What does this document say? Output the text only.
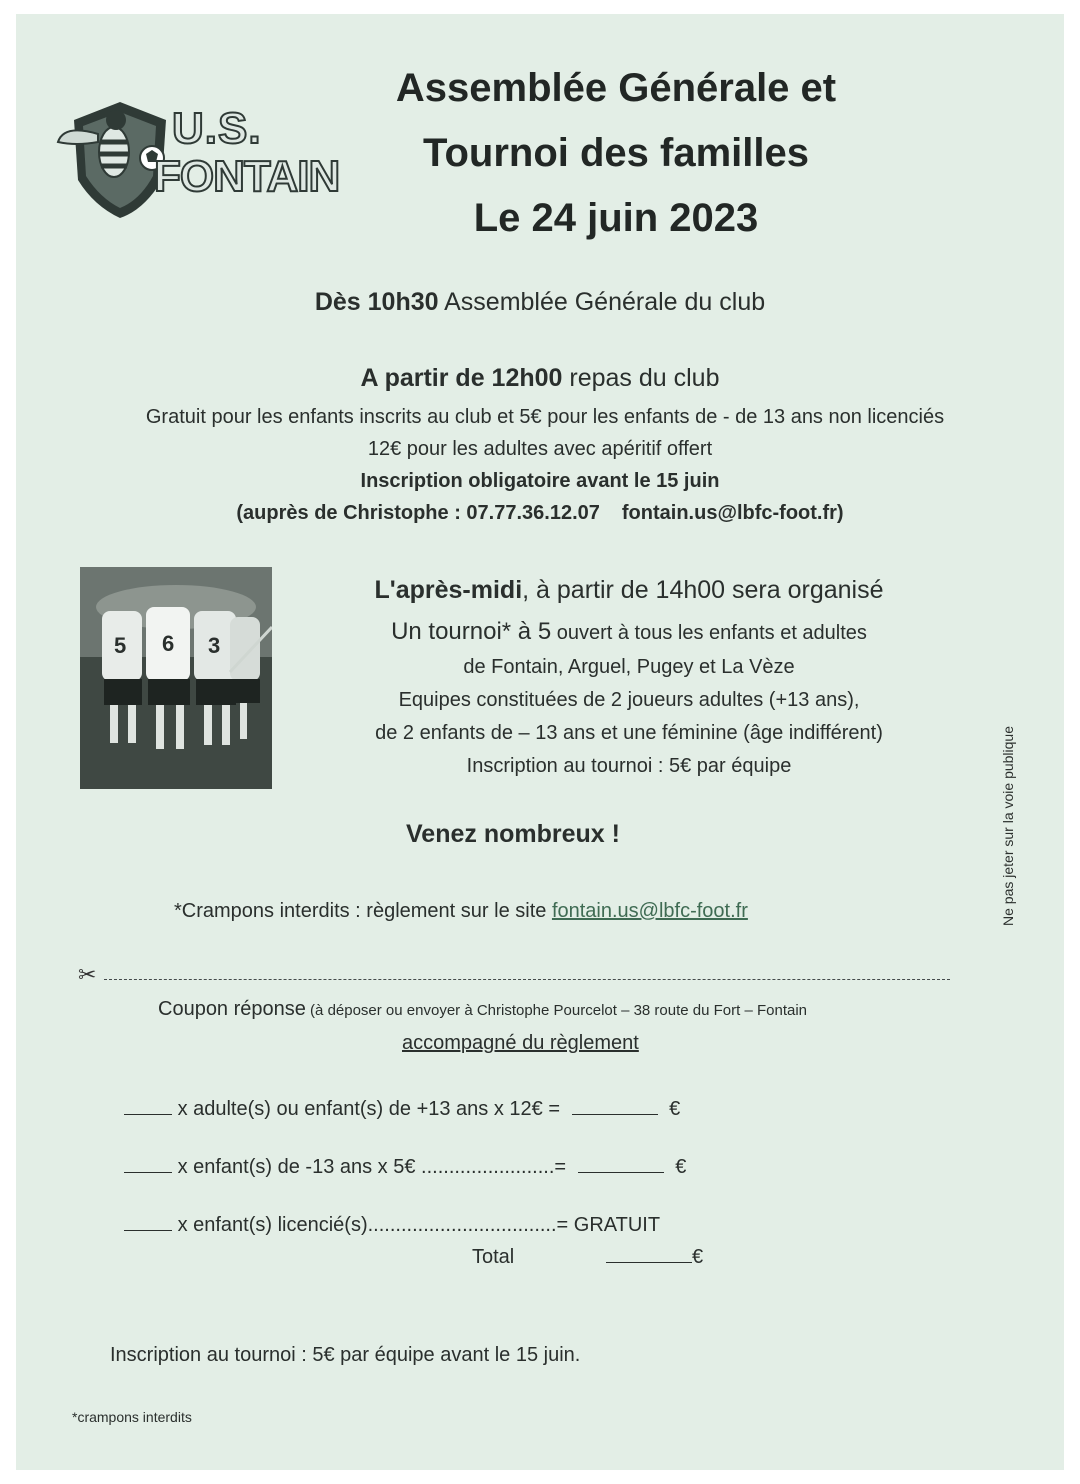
U.S.
FONTAIN
Assemblée Générale et
Tournoi des familles
Le 24 juin 2023
Dès 10h30 Assemblée Générale du club
A partir de 12h00 repas du club
Gratuit pour les enfants inscrits au club et 5€ pour les enfants de - de 13 ans non licenciés
12€ pour les adultes avec apéritif offert
Inscription obligatoire avant le 15 juin
(auprès de Christophe : 07.77.36.12.07 fontain.us@lbfc-foot.fr)
5 6 3
L'après-midi, à partir de 14h00 sera organisé
Un tournoi* à 5 ouvert à tous les enfants et adultes
de Fontain, Arguel, Pugey et La Vèze
Equipes constituées de 2 joueurs adultes (+13 ans),
de 2 enfants de – 13 ans et une féminine (âge indifférent)
Inscription au tournoi : 5€ par équipe
Venez nombreux !
*Crampons interdits : règlement sur le site fontain.us@lbfc-foot.fr	Ne pas jeter sur la voie publique
✂
Coupon réponse (à déposer ou envoyer à Christophe Pourcelot – 38 route du Fort – Fontain
accompagné du règlement
x adulte(s) ou enfant(s) de +13 ans x 12€ =	€
x enfant(s) de -13 ans x 5€ ........................=	€
x enfant(s) licencié(s)..................................= GRATUIT
Total	€
Inscription au tournoi : 5€ par équipe avant le 15 juin.
*crampons interdits
